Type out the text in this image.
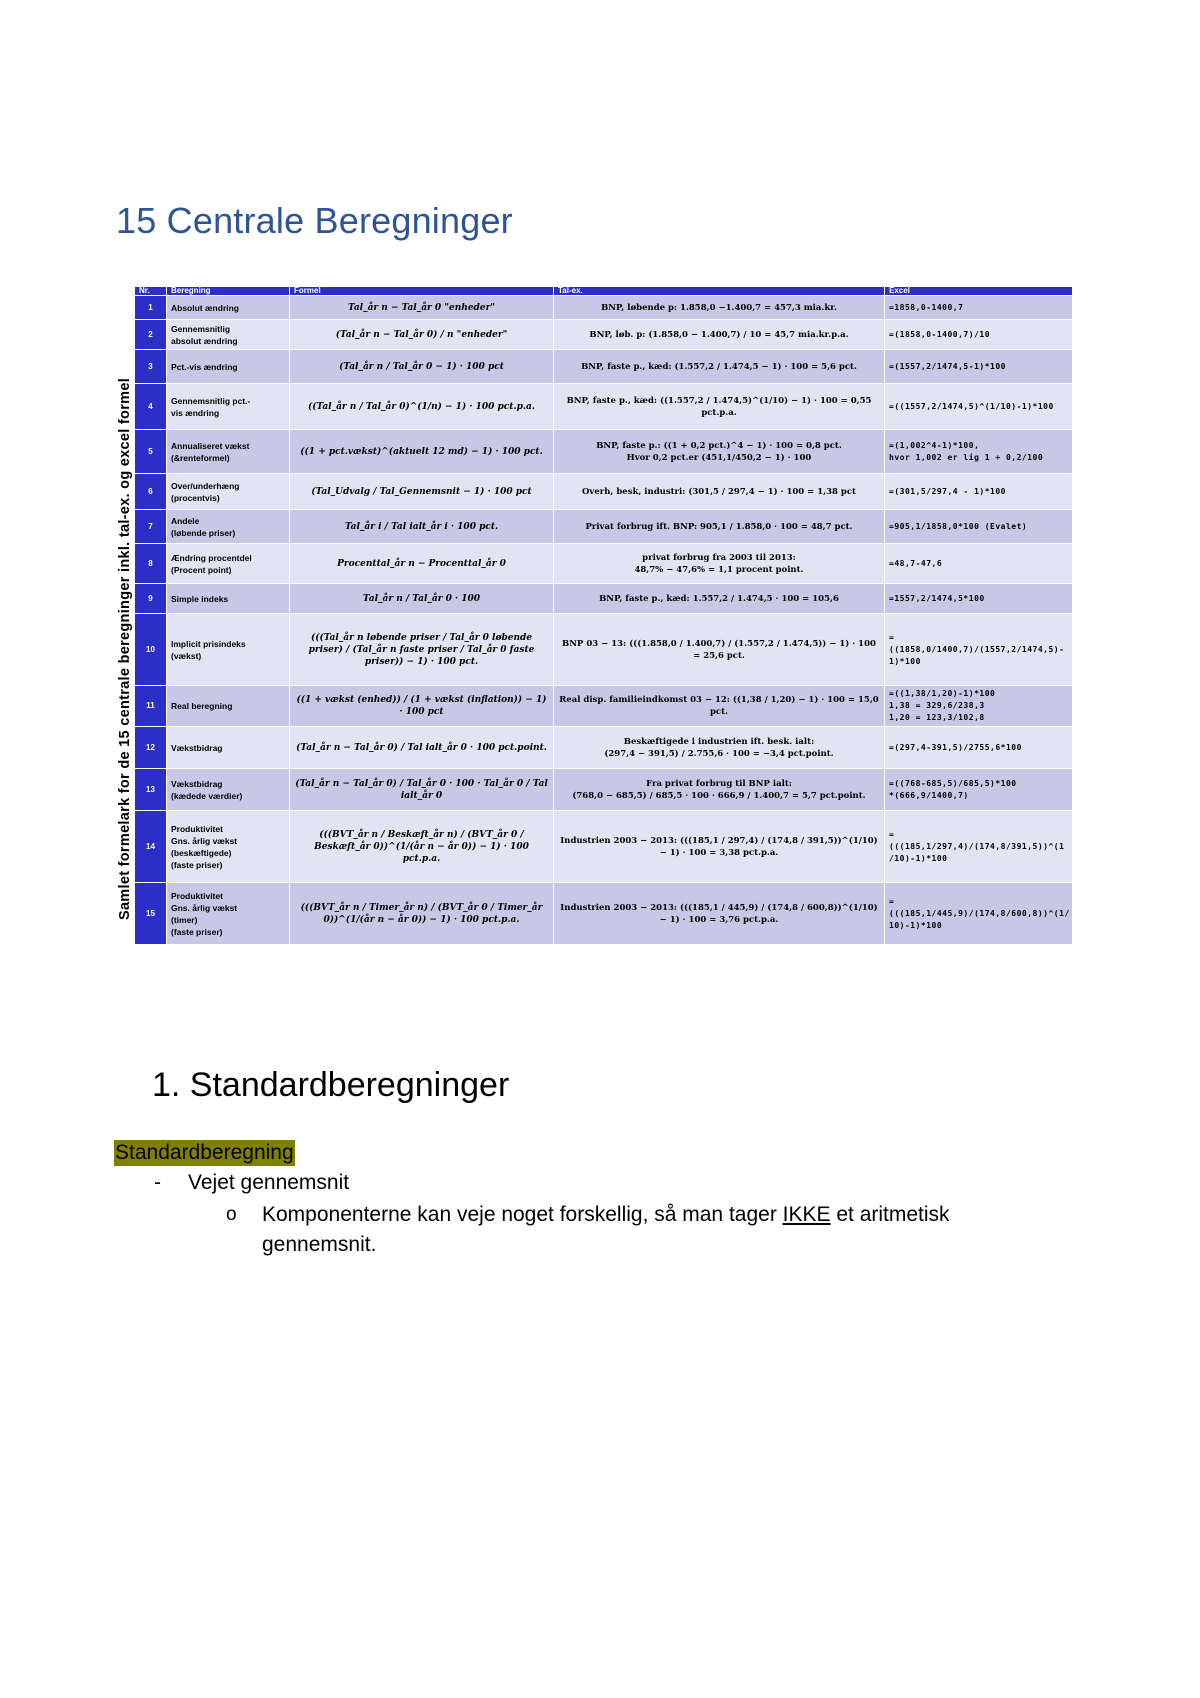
15 Centrale Beregninger
Samlet formelark for de 15 centrale beregninger inkl. tal-ex. og excel formel
Nr.	Beregning	Formel	Tal-ex.	Excel
1	Absolut ændring	Tal_år n − Tal_år 0 "enheder"	BNP, løbende p: 1.858,0 −1.400,7 = 457,3 mia.kr.	=1858,0-1400,7
2	Gennemsnitlig
absolut ændring	(Tal_år n − Tal_år 0) / n "enheder"	BNP, løb. p: (1.858,0 − 1.400,7) / 10 = 45,7 mia.kr.p.a.	=(1858,0-1400,7)/10
3	Pct.-vis ændring	(Tal_år n / Tal_år 0 − 1) · 100 pct	BNP, faste p., kæd: (1.557,2 / 1.474,5 − 1) · 100 = 5,6 pct.	=(1557,2/1474,5-1)*100
4	Gennemsnitlig pct.-
vis ændring	((Tal_år n / Tal_år 0)^(1/n) − 1) · 100 pct.p.a.	BNP, faste p., kæd: ((1.557,2 / 1.474,5)^(1/10) − 1) · 100 = 0,55 pct.p.a.	=((1557,2/1474,5)^(1/10)-1)*100
5	Annualiseret vækst
(&renteformel)	((1 + pct.vækst)^(aktuelt 12 md) − 1) · 100 pct.	BNP, faste p.: ((1 + 0,2 pct.)^4 − 1) · 100 = 0,8 pct.
Hvor 0,2 pct.er (451,1/450,2 − 1) · 100	=(1,002^4-1)*100,
hvor 1,002 er lig 1 + 0,2/100
6	Over/underhæng
(procentvis)	(Tal_Udvalg / Tal_Gennemsnit − 1) · 100 pct	Overh, besk, industri: (301,5 / 297,4 − 1) · 100 = 1,38 pct	=(301,5/297,4 - 1)*100
7	Andele
(løbende priser)	Tal_år i / Tal ialt_år i · 100 pct.	Privat forbrug ift. BNP: 905,1 / 1.858,0 · 100 = 48,7 pct.	=905,1/1858,0*100 (Evalet)
8	Ændring procentdel
(Procent point)	Procenttal_år n − Procenttal_år 0	privat forbrug fra 2003 til 2013:
48,7% − 47,6% = 1,1 procent point.	=48,7-47,6
9	Simple indeks	Tal_år n / Tal_år 0 · 100	BNP, faste p., kæd: 1.557,2 / 1.474,5 · 100 = 105,6	=1557,2/1474,5*100
10	Implicit prisindeks
(vækst)	(((Tal_år n løbende priser / Tal_år 0 løbende priser) / (Tal_år n faste priser / Tal_år 0 faste priser)) − 1) · 100 pct.	BNP 03 − 13: (((1.858,0 / 1.400,7) / (1.557,2 / 1.474,5)) − 1) · 100 = 25,6 pct.	=((1858,0/1400,7)/(1557,2/1474,5)-
1)*100
11	Real beregning	((1 + vækst (enhed)) / (1 + vækst (inflation)) − 1) · 100 pct	Real disp. familieindkomst 03 − 12: ((1,38 / 1,20) − 1) · 100 = 15,0 pct.	=((1,38/1,20)-1)*100
1,38 = 329,6/238,3
1,20 = 123,3/102,8
12	Vækstbidrag	(Tal_år n − Tal_år 0) / Tal ialt_år 0 · 100 pct.point.	Beskæftigede i industrien ift. besk. ialt:
(297,4 − 391,5) / 2.755,6 · 100 = −3,4 pct.point.	=(297,4-391,5)/2755,6*100
13	Vækstbidrag
(kædede værdier)	(Tal_år n − Tal_år 0) / Tal_år 0 · 100 · Tal_år 0 / Tal ialt_år 0	Fra privat forbrug til BNP ialt:
(768,0 − 685,5) / 685,5 · 100 · 666,9 / 1.400,7 = 5,7 pct.point.	=((768-685,5)/685,5)*100
*(666,9/1400,7)
14	Produktivitet
Gns. årlig vækst
(beskæftigede)
(faste priser)	(((BVT_år n / Beskæft_år n) / (BVT_år 0 / Beskæft_år 0))^(1/(år n − år 0)) − 1) · 100 pct.p.a.	Industrien 2003 − 2013: (((185,1 / 297,4) / (174,8 / 391,5))^(1/10) − 1) · 100 = 3,38 pct.p.a.	=(((185,1/297,4)/(174,8/391,5))^(1
/10)-1)*100
15	Produktivitet
Gns. årlig vækst
(timer)
(faste priser)	(((BVT_år n / Timer_år n) / (BVT_år 0 / Timer_år 0))^(1/(år n − år 0)) − 1) · 100 pct.p.a.	Industrien 2003 − 2013: (((185,1 / 445,9) / (174,8 / 600,8))^(1/10) − 1) · 100 = 3,76 pct.p.a.	=(((185,1/445,9)/(174,8/600,8))^(1/
10)-1)*100
1. Standardberegninger
Standardberegning
- Vejet gennemsnit
o Komponenterne kan veje noget forskellig, så man tager IKKE et aritmetisk gennemsnit.
